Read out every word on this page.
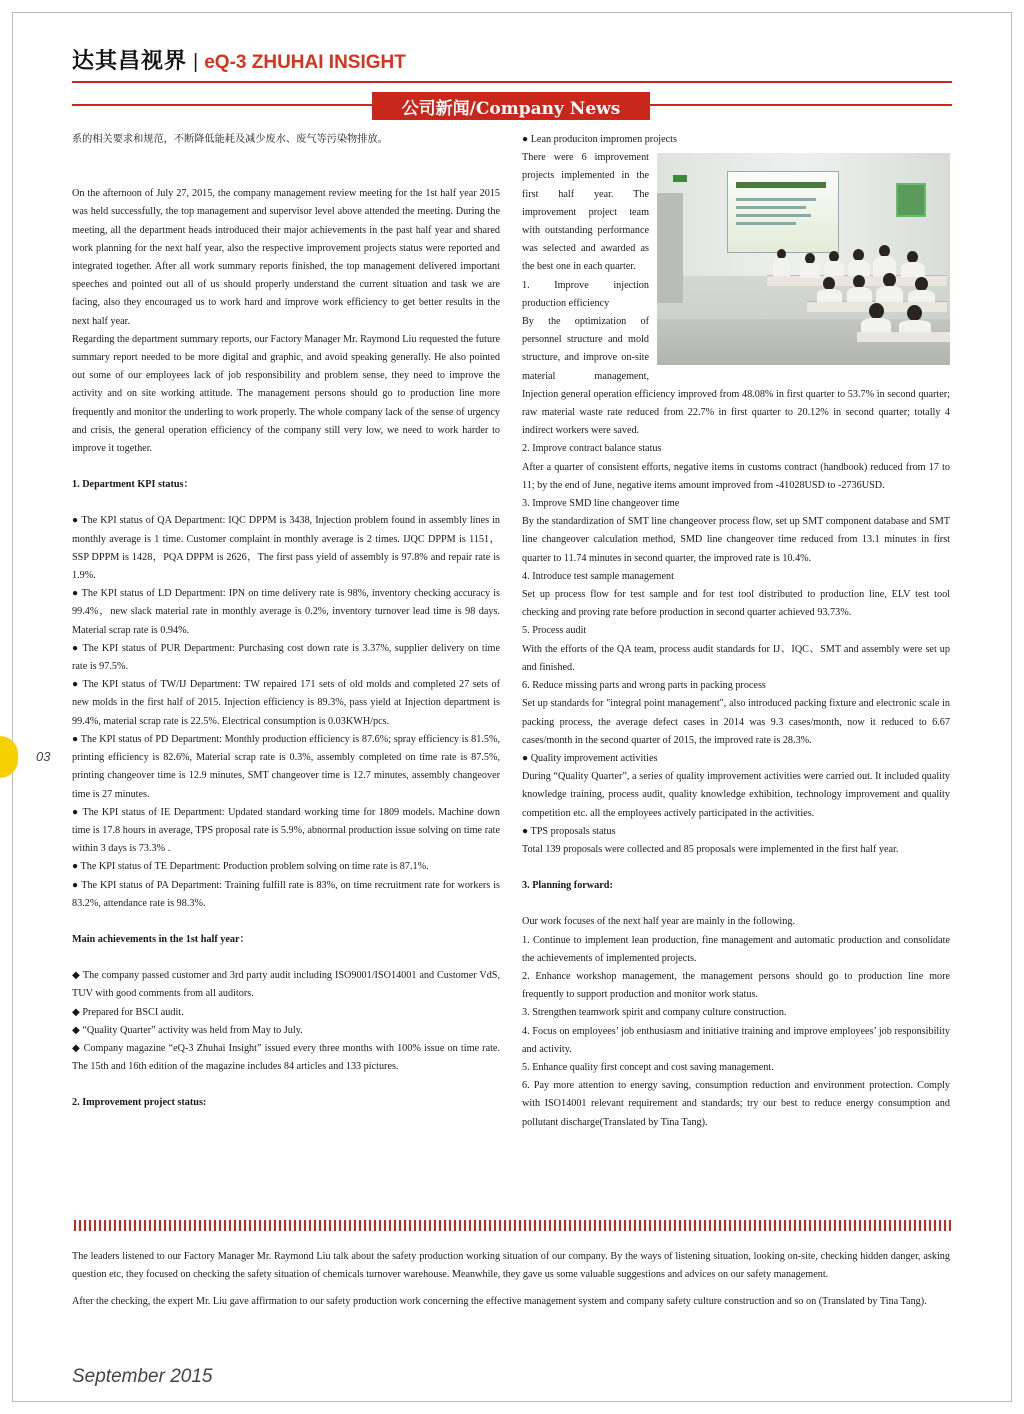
达其昌视界 | eQ-3 ZHUHAI INSIGHT
公司新闻/Company News

系的相关要求和规范，不断降低能耗及减少废水、废气等污染物排放。

On the afternoon of July 27, 2015, the company management review meeting for the 1st half year 2015 was held successfully, the top management and supervisor level above attended the meeting. During the meeting, all the department heads introduced their major achievements in the past half year and shared work planning for the next half year, also the respective improvement projects status were reported and integrated together. After all work summary reports finished, the top management delivered important speeches and pointed out all of us should properly understand the current situation and task we are facing, also they encouraged us to work hard and improve work efficiency to get better results in the next half year.

Regarding the department summary reports, our Factory Manager Mr. Raymond Liu requested the future summary report needed to be more digital and graphic, and avoid speaking generally. He also pointed out some of our employees lack of job responsibility and problem sense, they need to improve the activity and on site working attitude. The management persons should go to production line more frequently and monitor the underling to work properly. The whole company lack of the sense of urgency and crisis, the general operation efficiency of the company still very low, we need to work harder to improve it together.

1. Department KPI status：

● The KPI status of QA Department: IQC DPPM is 3438, Injection problem found in assembly lines in monthly average is 1 time. Customer complaint in monthly average is 2 times. IJQC DPPM is 1151，SSP DPPM is 1428，PQA DPPM is 2626，The first pass yield of assembly is 97.8% and repair rate is 1.9%.

● The KPI status of LD Department: IPN on time delivery rate is 98%, inventory checking accuracy is 99.4%，new slack material rate in monthly average is 0.2%, inventory turnover lead time is 98 days. Material scrap rate is 0.94%.

● The KPI status of PUR Department: Purchasing cost down rate is 3.37%, supplier delivery on time rate is 97.5%.

● The KPI status of TW/IJ Department: TW repaired 171 sets of old molds and completed 27 sets of new molds in the first half of 2015. Injection efficiency is 89.3%, pass yield at Injection department is 99.4%, material scrap rate is 22.5%. Electrical consumption is 0.03KWH/pcs.

● The KPI status of PD Department: Monthly production efficiency is 87.6%; spray efficiency is 81.5%, printing efficiency is 82.6%, Material scrap rate is 0.3%, assembly completed on time rate is 87.5%, printing changeover time is 12.9 minutes, SMT changeover time is 12.7 minutes, assembly changeover time is 27 minutes.

● The KPI status of IE Department: Updated standard working time for 1809 models. Machine down time is 17.8 hours in average, TPS proposal rate is 5.9%, abnormal production issue solving on time rate within 3 days is 73.3% .

● The KPI status of TE Department: Production problem solving on time rate is 87.1%.

● The KPI status of PA Department: Training fulfill rate is 83%, on time recruitment rate for workers is 83.2%, attendance rate is 98.3%.

Main achievements in the 1st half year：

◆ The company passed customer and 3rd party audit including ISO9001/ISO14001 and Customer VdS, TUV with good comments from all auditors.

◆ Prepared for BSCI audit.

◆ “Quality Quarter” activity was held from May to July.

◆ Company magazine “eQ-3 Zhuhai Insight” issued every three months with 100% issue on time rate. The 15th and 16th edition of the magazine includes 84 articles and 133 pictures.

2. Improvement project status:

● Lean produciton impromen projects

There were 6 improvement projects implemented in the first half year. The improvement project team with outstanding performance was selected and awarded as the best one in each quarter.

1. Improve injection production efficiency

By the optimization of personnel structure and mold structure, and improve on-site material management, Injection general operation efficiency improved from 48.08% in first quarter to 53.7% in second quarter; raw material waste rate reduced from 22.7% in first quarter to 20.12% in second quarter; totally 4 indirect workers were saved.

2. Improve contract balance status

After a quarter of consistent efforts, negative items in customs contract (handbook) reduced from 17 to 11; by the end of June, negative items amount improved from -41028USD to -2736USD.

3. Improve SMD line changeover time

By the standardization of SMT line changeover process flow, set up SMT component database and SMT line changeover calculation method, SMD line changeover time reduced from 13.1 minutes in first quarter to 11.74 minutes in second quarter, the improved rate is 10.4%.

4. Introduce test sample management

Set up process flow for test sample and for test tool distributed to production line, ELV test tool checking and proving rate before production in second quarter achieved 93.73%.

5. Process audit

With the efforts of the QA team, process audit standards for IJ、IQC、SMT and assembly were set up and finished.

6. Reduce missing parts and wrong parts in packing process

Set up standards for "integral point management", also introduced packing fixture and electronic scale in packing process, the average defect cases in 2014 was 9.3 cases/month, now it reduced to 6.67 cases/month in the second quarter of 2015, the improved rate is 28.3%.

● Quality improvement activities

During “Quality Quarter”, a series of quality improvement activities were carried out. It included quality knowledge training, process audit, quality knowledge exhibition, technology improvement and quality competition etc. all the employees actively participated in the activities.

● TPS proposals status

Total 139 proposals were collected and 85 proposals were implemented in the first half year.

3. Planning forward:

Our work focuses of the next half year are mainly in the following.

1. Continue to implement lean production, fine management and automatic production and consolidate the achievements of implemented projects.

2. Enhance workshop management, the management persons should go to production line more frequently to support production and monitor work status.

3. Strengthen teamwork spirit and company culture construction.

4. Focus on employees’ job enthusiasm and initiative training and improve employees’ job responsibility and activity.

5. Enhance quality first concept and cost saving management.

6. Pay more attention to energy saving, consumption reduction and environment protection. Comply with ISO14001 relevant requirement and standards; try our best to reduce energy consumption and pollutant discharge(Translated by Tina Tang).

03

The leaders listened to our Factory Manager Mr. Raymond Liu talk about the safety production working situation of our company. By the ways of listening situation, looking on-site, checking hidden danger, asking question etc, they focused on checking the safety situation of chemicals turnover warehouse. Meanwhile, they gave us some valuable suggestions and advices on our safety management.

After the checking, the expert Mr. Liu gave affirmation to our safety production work concerning the effective management system and company safety culture construction and so on (Translated by Tina Tang).

September 2015
